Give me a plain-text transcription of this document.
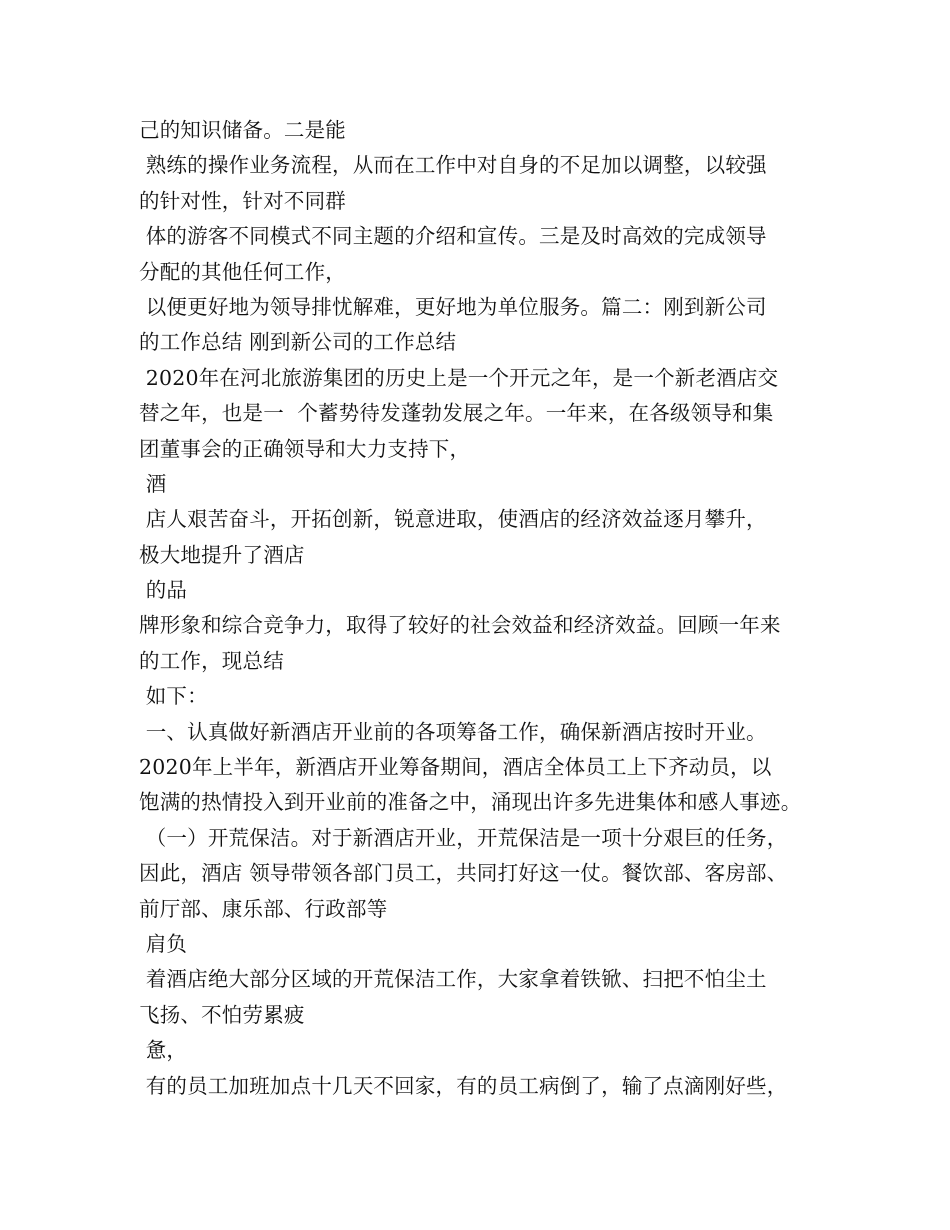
己的知识储备。二是能
熟练的操作业务流程，从而在工作中对自身的不足加以调整，以较强
的针对性，针对不同群
体的游客不同模式不同主题的介绍和宣传。三是及时高效的完成领导
分配的其他任何工作，
以便更好地为领导排忧解难，更好地为单位服务。篇二：刚到新公司
的工作总结 刚到新公司的工作总结
2020年在河北旅游集团的历史上是一个开元之年，是一个新老酒店交
替之年，也是一  个蓄势待发蓬勃发展之年。一年来，在各级领导和集
团董事会的正确领导和大力支持下，
酒
店人艰苦奋斗，开拓创新，锐意进取，使酒店的经济效益逐月攀升，
极大地提升了酒店
的品
牌形象和综合竞争力，取得了较好的社会效益和经济效益。回顾一年来
的工作，现总结
如下：
一、认真做好新酒店开业前的各项筹备工作，确保新酒店按时开业。
2020年上半年，新酒店开业筹备期间，酒店全体员工上下齐动员，以
饱满的热情投入到开业前的准备之中，涌现出许多先进集体和感人事迹。
（一）开荒保洁。对于新酒店开业，开荒保洁是一项十分艰巨的任务，
因此，酒店 领导带领各部门员工，共同打好这一仗。餐饮部、客房部、
前厅部、康乐部、行政部等
肩负
着酒店绝大部分区域的开荒保洁工作，大家拿着铁锨、扫把不怕尘土
飞扬、不怕劳累疲
惫，
有的员工加班加点十几天不回家，有的员工病倒了，输了点滴刚好些，
